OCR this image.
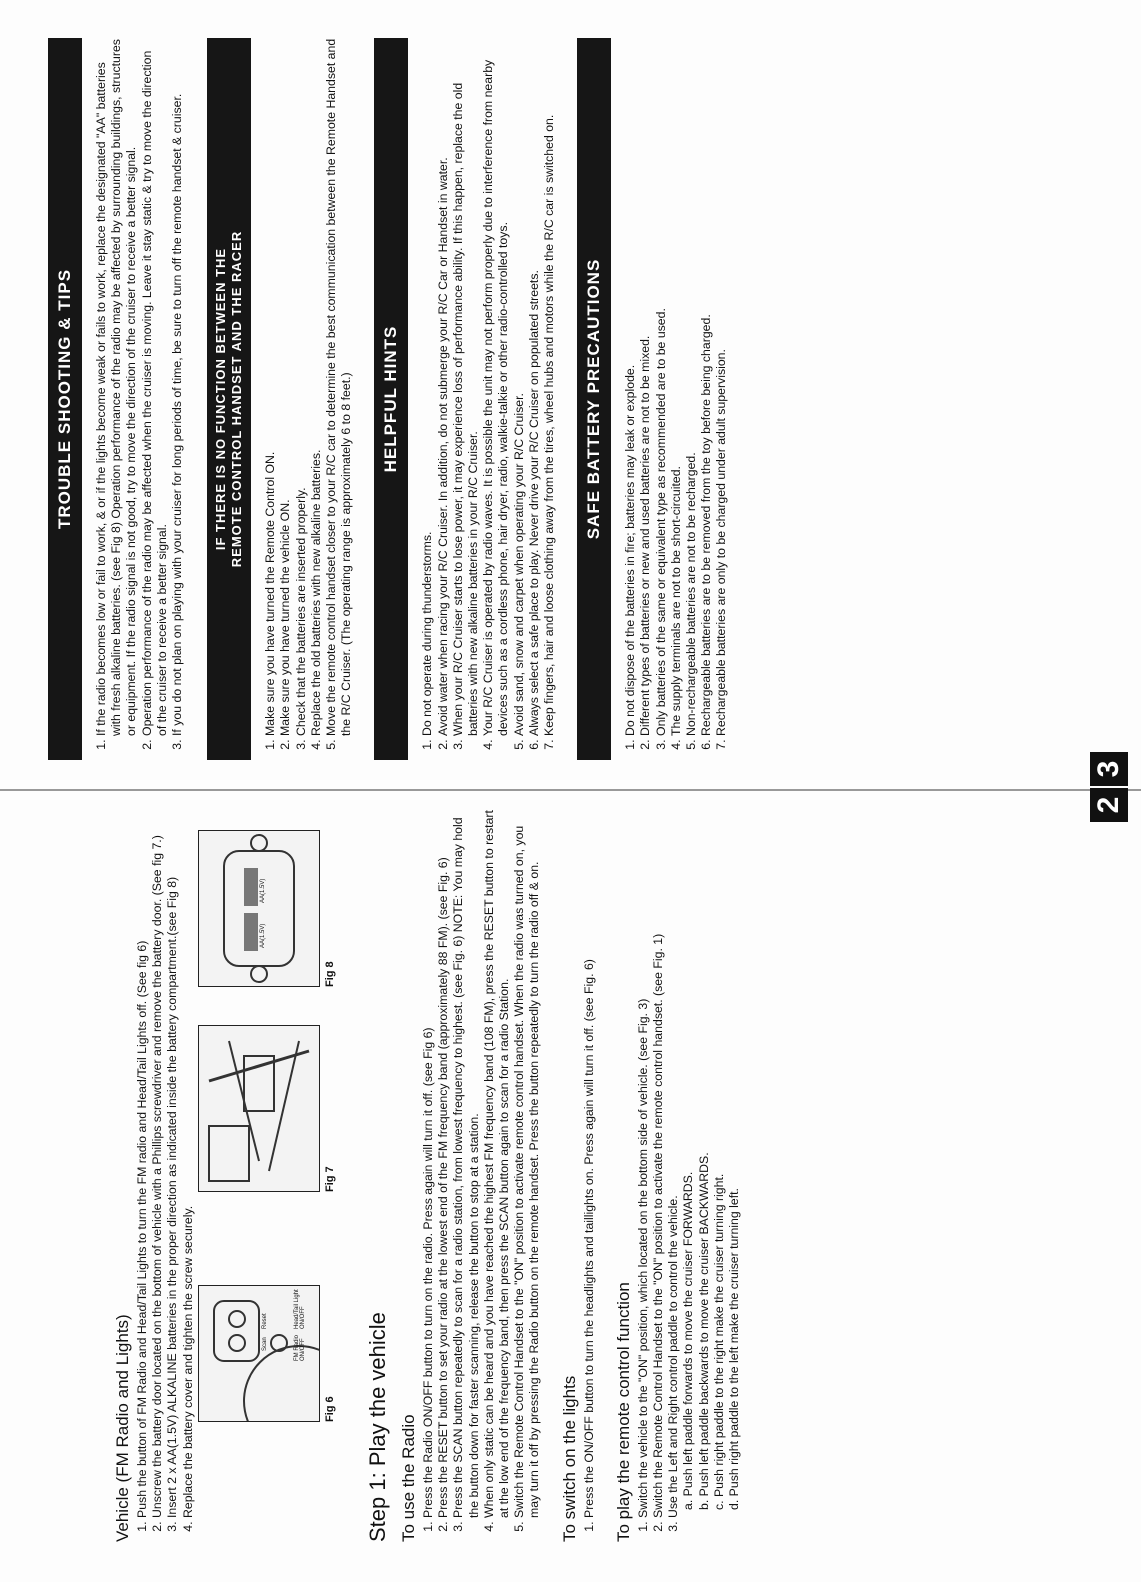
Vehicle (FM Radio and Lights) 1. Push the button of FM Radio and Head/Tail Lights to turn the FM radio and Head/Tail Lights off. (See fig 6) 2. Unscrew the battery door located on the bottom of vehicle with a Phillips screwdriver and remove the battery door. (See fig 7.) 3. Insert 2 x AA(1.5V) ALKALINE batteries in the proper direction as indicated inside the battery compartment.(see Fig 8) 4. Replace the battery cover and tighten the screw securely.	Scan
Reset
FM Radio ON/OFF
Head/Tail Light ON/OFF
Fig 6
Fig 7
AA(1.5V)
AA(1.5V)
Fig 8
Step 1: Play the vehicle To use the Radio 1. Press the Radio ON/OFF button to turn on the radio. Press again will turn it off. (see Fig 6) 2. Press the RESET button to set your radio at the lowest end of the FM frequency band (approximately 88 FM). (see Fig. 6) 3. Press the SCAN button repeatedly to scan for a radio station, from lowest frequency to highest. (see Fig. 6) NOTE: You may hold the button down for faster scanning, release the button to stop at a station. 4. When only static can be heard and you have reached the highest FM frequency band (108 FM), press the RESET button to restart at the low end of the frequency band, then press the SCAN button again to scan for a radio Station. 5. Switch the Remote Control Handset to the "ON" position to activate remote control handset. When the radio was turned on, you may turn it off by pressing the Radio button on the remote handset. Press the button repeatedly to turn the radio off & on. To switch on the lights 1. Press the ON/OFF button to turn the headlights and taillights on. Press again will turn it off. (see Fig. 6) To play the remote control function 1. Switch the vehicle to the "ON" position, which located on the bottom side of vehicle. (see Fig. 3) 2. Switch the Remote Control Handset to the "ON" position to activate the remote control handset. (see Fig. 1) 3. Use the Left and Right control paddle to control the vehicle. a. Push left paddle forwards to move the cruiser FORWARDS. b. Push left paddle backwards to move the cruiser BACKWARDS. c. Push right paddle to the right make the cruiser turning right. d. Push right paddle to the left make the cruiser turning left.
2
3
TROUBLE SHOOTING & TIPS	1. If the radio becomes low or fail to work, & or if the lights become weak or fails to work, replace the designated "AA" batteries with fresh alkaline batteries. (see Fig 8) Operation performance of the radio may be affected by surrounding buildings, structures or equipment. If the radio signal is not good, try to move the direction of the cruiser to receive a better signal. 2. Operation performance of the radio may be affected when the cruiser is moving. Leave it stay static & try to move the direction of the cruiser to receive a better signal. 3. If you do not plan on playing with your cruiser for long periods of time, be sure to turn off the remote handset & cruiser. IF THERE IS NO FUNCTION BETWEEN THE REMOTE CONTROL HANDSET AND THE RACER
1. Make sure you have turned the Remote Control ON. 2. Make sure you have turned the vehicle ON. 3. Check that the batteries are inserted properly. 4. Replace the old batteries with new alkaline batteries. 5. Move the remote control handset closer to your R/C car to determine the best communication between the Remote Handset and the R/C Cruiser. (The operating range is approximately 6 to 8 feet.)	HELPFUL HINTS
1. Do not operate during thunderstorms. 2. Avoid water when racing your R/C Cruiser. In addition, do not submerge your R/C Car or Handset in water. 3. When your R/C Cruiser starts to lose power, it may experience loss of performance ability. If this happen, replace the old batteries with new alkaline batteries in your R/C Cruiser. 4. Your R/C Cruiser is operated by radio waves. It is possible the unit may not perform properly due to interference from nearby devices such as a cordless phone, hair dryer, radio, walkie-talkie or other radio-controlled toys. 5. Avoid sand, snow and carpet when operating your R/C Cruiser. 6. Always select a safe place to play. Never drive your R/C Cruiser on populated streets. 7. Keep fingers, hair and loose clothing away from the tires, wheel hubs and motors while the R/C car is switched on.	SAFE BATTERY PRECAUTIONS	1. Do not dispose of the batteries in fire; batteries may leak or explode. 2. Different types of batteries or new and used batteries are not to be mixed. 3. Only batteries of the same or equivalent type as recommended are to be used. 4. The supply terminals are not to be short-circuited. 5. Non-rechargeable batteries are not to be recharged. 6. Rechargeable batteries are to be removed from the toy before being charged. 7. Rechargeable batteries are only to be charged under adult supervision.
